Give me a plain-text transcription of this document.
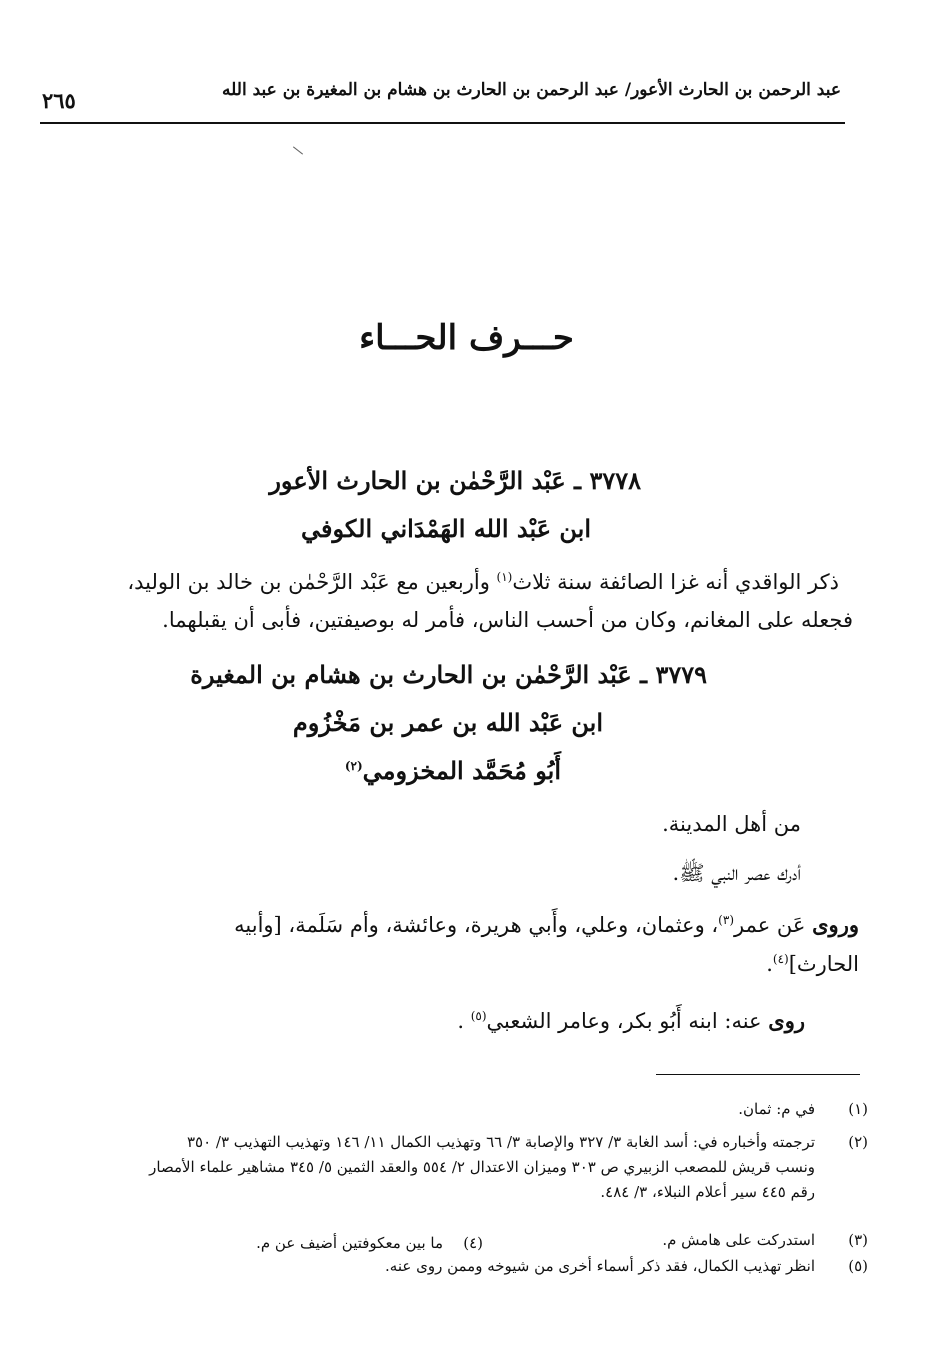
٢٦٥	عبد الرحمن بن الحارث الأعور/ عبد الرحمن بن الحارث بن هشام بن المغيرة بن عبد الله
حـــرف الحـــاء
٣٧٧٨ ـ عَبْد الرَّحْمٰن بن الحارث الأعور
ابن عَبْد الله الهَمْدَاني الكوفي
ذكر الواقدي أنه غزا الصائفة سنة ثلاث$^{(١)}$ وأربعين مع عَبْد الرَّحْمٰن بن خالد بن الوليد،
فجعله على المغانم، وكان من أحسب الناس، فأمر له بوصيفتين، فأبى أن يقبلهما.
٣٧٧٩ ـ عَبْد الرَّحْمٰن بن الحارث بن هشام بن المغيرة
ابن عَبْد الله بن عمر بن مَخْزُوم
أَبُو مُحَمَّد المخزومي$^{(٢)}$
من أهل المدينة.
أدرك عصر النبي ﷺ.
وروى عَن عمر$^{(٣)}$، وعثمان، وعلي، وأَبي هريرة، وعائشة، وأم سَلَمة، [وأبيه
الحارث]$^{(٤)}$.
روى عنه: ابنه أَبُو بكر، وعامر الشعبي$^{(٥)}$ .
(١)
في م: ثمان.
(٢)
ترجمته وأخباره في: أسد الغابة ٣/ ٣٢٧ والإصابة ٣/ ٦٦ وتهذيب الكمال ١١/ ١٤٦ وتهذيب التهذيب ٣/ ٣٥٠
ونسب قريش للمصعب الزبيري ص ٣٠٣ وميزان الاعتدال ٢/ ٥٥٤ والعقد الثمين ٥/ ٣٤٥ مشاهير علماء الأمصار
رقم ٤٤٥ سير أعلام النبلاء، ٣/ ٤٨٤.
(٣)
استدركت على هامش م.
(٤)
ما بين معكوفتين أضيف عن م.
(٥)
انظر تهذيب الكمال، فقد ذكر أسماء أخرى من شيوخه وممن روى عنه.
